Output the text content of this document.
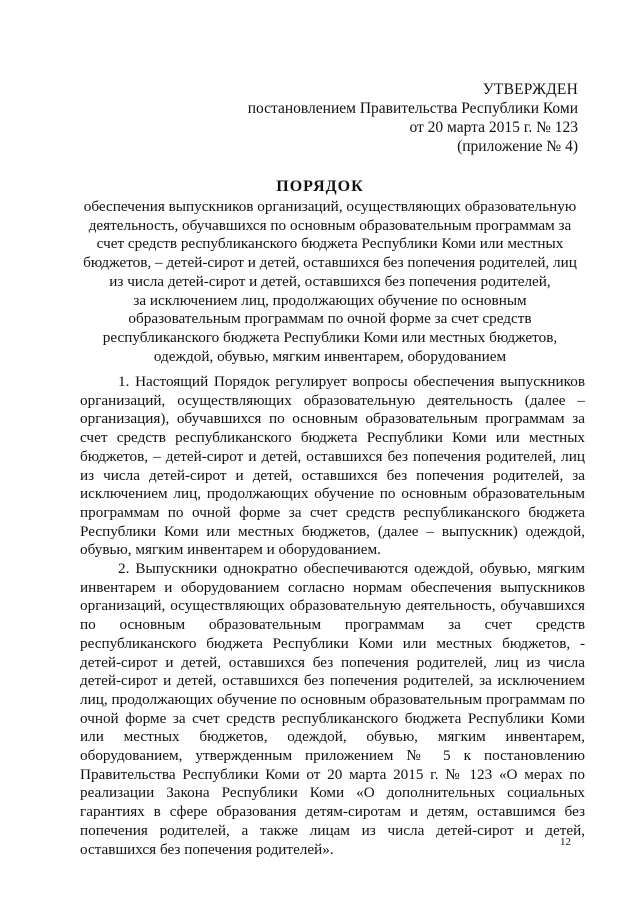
УТВЕРЖДЕН
постановлением Правительства Республики Коми
от 20 марта 2015 г. № 123
(приложение № 4)
ПОРЯДОК
обеспечения выпускников организаций, осуществляющих образовательную
деятельность, обучавшихся по основным образовательным программам за
счет средств республиканского бюджета Республики Коми или местных
бюджетов, – детей-сирот и детей, оставшихся без попечения родителей, лиц
из числа детей-сирот и детей, оставшихся без попечения родителей,
за исключением лиц, продолжающих обучение по основным
образовательным программам по очной форме за счет средств
республиканского бюджета Республики Коми или местных бюджетов,
одеждой, обувью, мягким инвентарем, оборудованием

1. Настоящий Порядок регулирует вопросы обеспечения выпускников организаций, осуществляющих образовательную деятельность (далее – организация), обучавшихся по основным образовательным программам за счет средств республиканского бюджета Республики Коми или местных бюджетов, – детей-сирот и детей, оставшихся без попечения родителей, лиц из числа детей-сирот и детей, оставшихся без попечения родителей, за исключением лиц, продолжающих обучение по основным образовательным программам по очной форме за счет средств республиканского бюджета Республики Коми или местных бюджетов, (далее – выпускник) одеждой, обувью, мягким инвентарем и оборудованием.

2. Выпускники однократно обеспечиваются одеждой, обувью, мягким инвентарем и оборудованием согласно нормам обеспечения выпускников организаций, осуществляющих образовательную деятельность, обучавшихся по основным образовательным программам за счет средств республиканского бюджета Республики Коми или местных бюджетов, - детей-сирот и детей, оставшихся без попечения родителей, лиц из числа детей-сирот и детей, оставшихся без попечения родителей, за исключением лиц, продолжающих обучение по основным образовательным программам по очной форме за счет средств республиканского бюджета Республики Коми или местных бюджетов, одеждой, обувью, мягким инвентарем, оборудованием, утвержденным приложением № 5 к постановлению Правительства Республики Коми от 20 марта 2015 г. № 123 «О мерах по реализации Закона Республики Коми «О дополнительных социальных гарантиях в сфере образования детям-сиротам и детям, оставшимся без попечения родителей, а также лицам из числа детей-сирот и детей, оставшихся без попечения родителей».	12
